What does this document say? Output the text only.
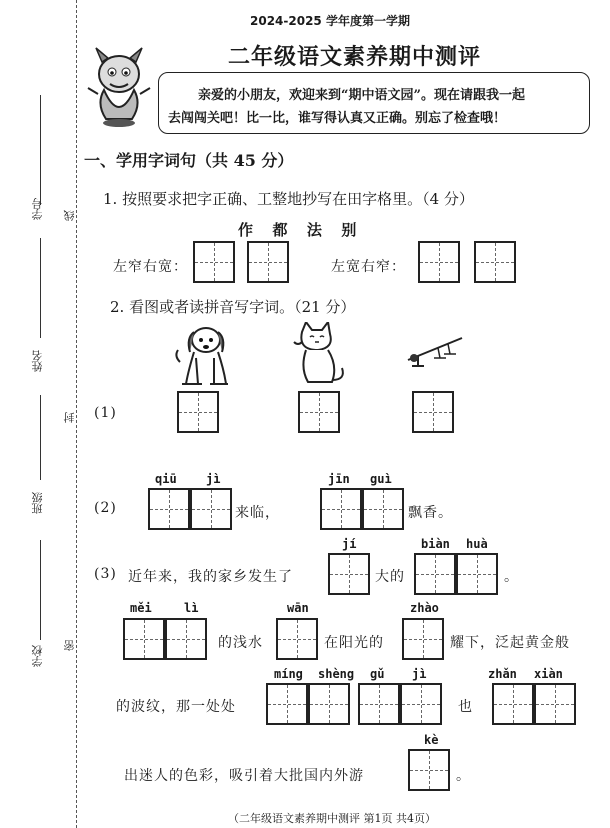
学号 线
姓名
封
班级
密
学校
2024-2025 学年度第一学期
二年级语文素养期中测评
亲爱的小朋友，欢迎来到“期中语文园”。现在请跟我一起
去闯闯关吧！比一比，谁写得认真又正确。别忘了检查哦！
一、学用字词句（共 45 分）
1. 按照要求把字正确、工整地抄写在田字格里。（4 分）
作  都  法  别
左窄右宽：	左宽右窄：
2. 看图或者读拼音写字词。（21 分）
(1)
(2)
qiū jì
来临，
jīn guì
飘香。
(3) 近年来，我的家乡发生了
jí
大的
biàn huà
。
měi	lì
的浅水
wān
在阳光的
zhào
耀下，泛起黄金般
的波纹，那一处处
míng shèng gǔ jì
也
zhǎn xiàn
出迷人的色彩，吸引着大批国内外游
kè
。
（二年级语文素养期中测评 第1页 共4页）
